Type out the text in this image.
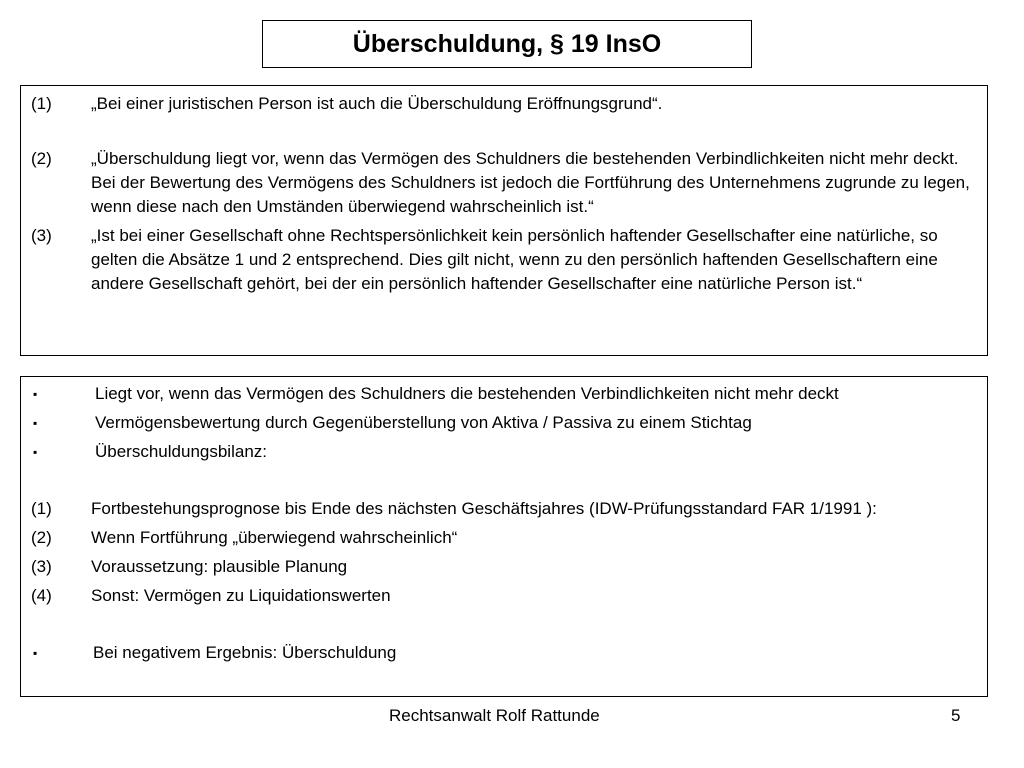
Überschuldung, § 19 InsO
(1)	„Bei einer juristischen Person ist auch die Überschuldung Eröffnungsgrund“.
(2)	„Überschuldung liegt vor, wenn das Vermögen des Schuldners die bestehenden Verbindlichkeiten nicht mehr deckt. Bei der Bewertung des Vermögens des Schuldners ist jedoch die Fortführung des Unternehmens zugrunde zu legen, wenn diese nach den Umständen überwiegend wahrscheinlich ist.“
(3)	„Ist bei einer Gesellschaft ohne Rechtspersönlichkeit kein persönlich haftender Gesellschafter eine natürliche, so gelten die Absätze 1 und 2 entsprechend. Dies gilt nicht, wenn zu den persönlich haftenden Gesellschaftern eine andere Gesellschaft gehört, bei der ein persönlich haftender Gesellschafter eine natürliche Person ist.“
▪	Liegt vor, wenn das Vermögen des Schuldners die bestehenden Verbindlichkeiten nicht mehr deckt
▪	Vermögensbewertung durch Gegenüberstellung von Aktiva / Passiva zu einem Stichtag
▪	Überschuldungsbilanz:
(1)	Fortbestehungsprognose bis Ende des nächsten Geschäftsjahres (IDW-Prüfungsstandard FAR 1/1991 ):
(2)	Wenn Fortführung „überwiegend wahrscheinlich“
(3)	Voraussetzung: plausible Planung
(4)	Sonst: Vermögen zu Liquidationswerten
▪	Bei negativem Ergebnis: Überschuldung
Rechtsanwalt Rolf Rattunde	5
